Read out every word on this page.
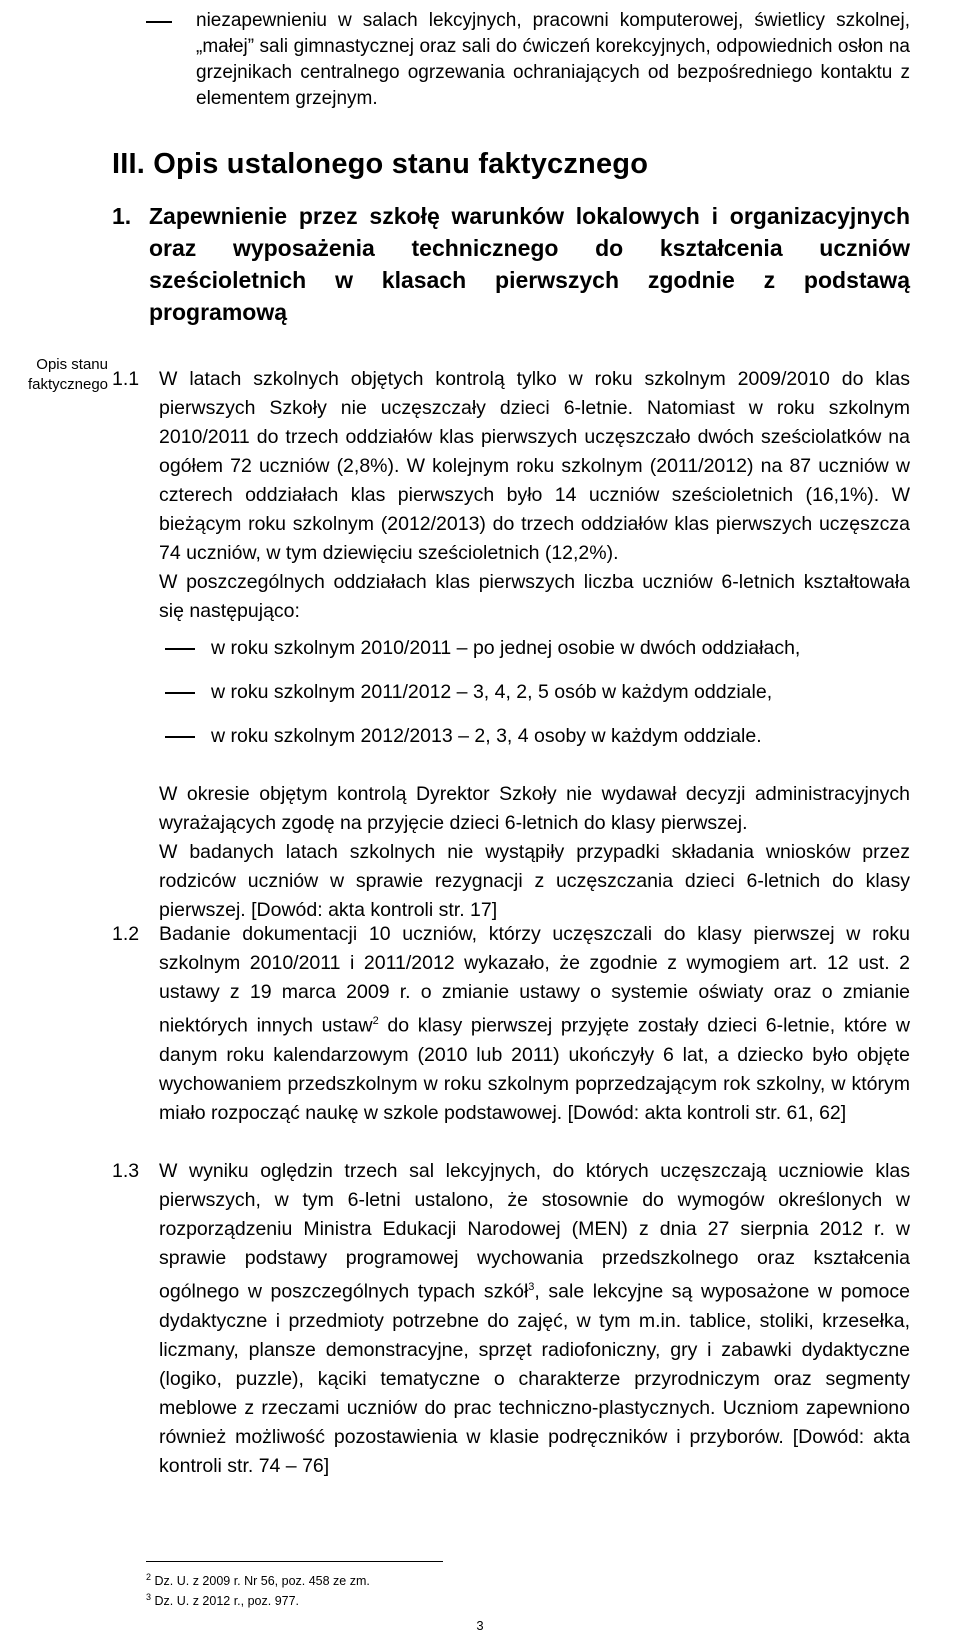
niezapewnieniu w salach lekcyjnych, pracowni komputerowej, świetlicy szkolnej, „małej” sali gimnastycznej oraz sali do ćwiczeń korekcyjnych, odpowiednich osłon na grzejnikach centralnego ogrzewania ochraniających od bezpośredniego kontaktu z elementem grzejnym.
III. Opis ustalonego stanu faktycznego
1. Zapewnienie przez szkołę warunków lokalowych i organizacyjnych oraz wyposażenia technicznego do kształcenia uczniów sześcioletnich w klasach pierwszych zgodnie z podstawą programową
Opis stanu faktycznego 1.1 W latach szkolnych objętych kontrolą tylko w roku szkolnym 2009/2010 do klas pierwszych Szkoły nie uczęszczały dzieci 6-letnie. Natomiast w roku szkolnym 2010/2011 do trzech oddziałów klas pierwszych uczęszczało dwóch sześciolatków na ogółem 72 uczniów (2,8%). W kolejnym roku szkolnym (2011/2012) na 87 uczniów w czterech oddziałach klas pierwszych było 14 uczniów sześcioletnich (16,1%). W bieżącym roku szkolnym (2012/2013) do trzech oddziałów klas pierwszych uczęszcza 74 uczniów, w tym dziewięciu sześcioletnich (12,2%).

W poszczególnych oddziałach klas pierwszych liczba uczniów 6-letnich kształtowała się następująco:

w roku szkolnym 2010/2011 – po jednej osobie w dwóch oddziałach,
w roku szkolnym 2011/2012 – 3, 4, 2, 5 osób w każdym oddziale,
w roku szkolnym 2012/2013 – 2, 3, 4 osoby w każdym oddziale.

W okresie objętym kontrolą Dyrektor Szkoły nie wydawał decyzji administracyjnych wyrażających zgodę na przyjęcie dzieci 6-letnich do klasy pierwszej.

W badanych latach szkolnych nie wystąpiły przypadki składania wniosków przez rodziców uczniów w sprawie rezygnacji z uczęszczania dzieci 6-letnich do klasy pierwszej. [Dowód: akta kontroli str. 17]

1.2 Badanie dokumentacji 10 uczniów, którzy uczęszczali do klasy pierwszej w roku szkolnym 2010/2011 i 2011/2012 wykazało, że zgodnie z wymogiem art. 12 ust. 2 ustawy z 19 marca 2009 r. o zmianie ustawy o systemie oświaty oraz o zmianie niektórych innych ustaw$^2$ do klasy pierwszej przyjęte zostały dzieci 6-letnie, które w danym roku kalendarzowym (2010 lub 2011) ukończyły 6 lat, a dziecko było objęte wychowaniem przedszkolnym w roku szkolnym poprzedzającym rok szkolny, w którym miało rozpocząć naukę w szkole podstawowej. [Dowód: akta kontroli str. 61, 62]

1.3 W wyniku oględzin trzech sal lekcyjnych, do których uczęszczają uczniowie klas pierwszych, w tym 6-letni ustalono, że stosownie do wymogów określonych w rozporządzeniu Ministra Edukacji Narodowej (MEN) z dnia 27 sierpnia 2012 r. w sprawie podstawy programowej wychowania przedszkolnego oraz kształcenia ogólnego w poszczególnych typach szkół$^3$, sale lekcyjne są wyposażone w pomoce dydaktyczne i przedmioty potrzebne do zajęć, w tym m.in. tablice, stoliki, krzesełka, liczmany, plansze demonstracyjne, sprzęt radiofoniczny, gry i zabawki dydaktyczne (logiko, puzzle), kąciki tematyczne o charakterze przyrodniczym oraz segmenty meblowe z rzeczami uczniów do prac techniczno-plastycznych. Uczniom zapewniono również możliwość pozostawienia w klasie podręczników i przyborów. [Dowód: akta kontroli str. 74 – 76]

$^2$ Dz. U. z 2009 r. Nr 56, poz. 458 ze zm.
$^3$ Dz. U. z 2012 r., poz. 977.
3
